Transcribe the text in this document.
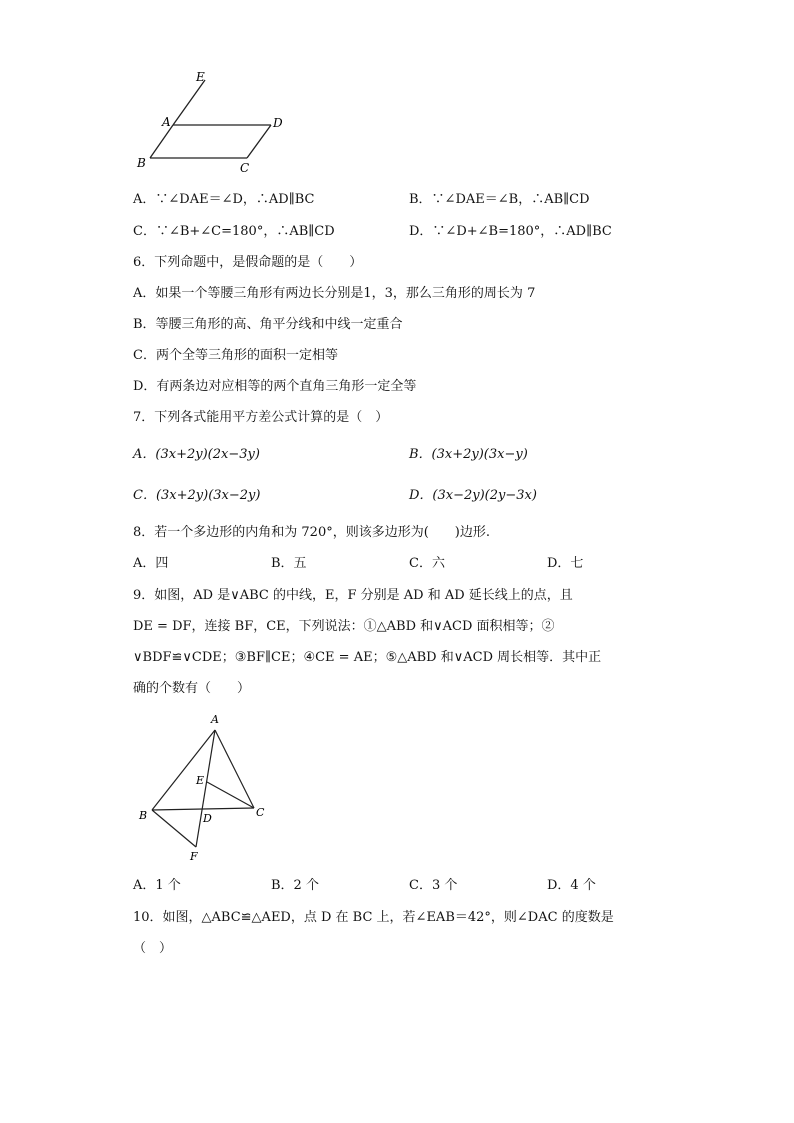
E
A	D
B	C
A．∵∠DAE＝∠D，∴AD∥BC	B．∵∠DAE＝∠B，∴AB∥CD
C．∵∠B+∠C=180°，∴AB∥CD	D．∵∠D+∠B=180°，∴AD∥BC
6．下列命题中，是假命题的是（　　）
A．如果一个等腰三角形有两边长分别是1，3，那么三角形的周长为 7
B．等腰三角形的高、角平分线和中线一定重合
C．两个全等三角形的面积一定相等
D．有两条边对应相等的两个直角三角形一定全等
7．下列各式能用平方差公式计算的是（　）
A．(3x+2y)(2x−3y)	B．(3x+2y)(3x−y)
C．(3x+2y)(3x−2y)	D．(3x−2y)(2y−3x)
8．若一个多边形的内角和为 720°，则该多边形为(　　)边形.
A．四	B．五	C．六	D．七
9．如图，AD 是∨ABC 的中线，E，F 分别是 AD 和 AD 延长线上的点，且
DE = DF，连接 BF，CE，下列说法：①△ABD 和∨ACD 面积相等；②
∨BDF≌∨CDE；③BF∥CE；④CE = AE；⑤△ABD 和∨ACD 周长相等．其中正
确的个数有（　　）
A
E
B	D	C
F
A．1 个	B．2 个	C．3 个	D．4 个
10．如图，△ABC≌△AED，点 D 在 BC 上，若∠EAB＝42°，则∠DAC 的度数是
（　）
